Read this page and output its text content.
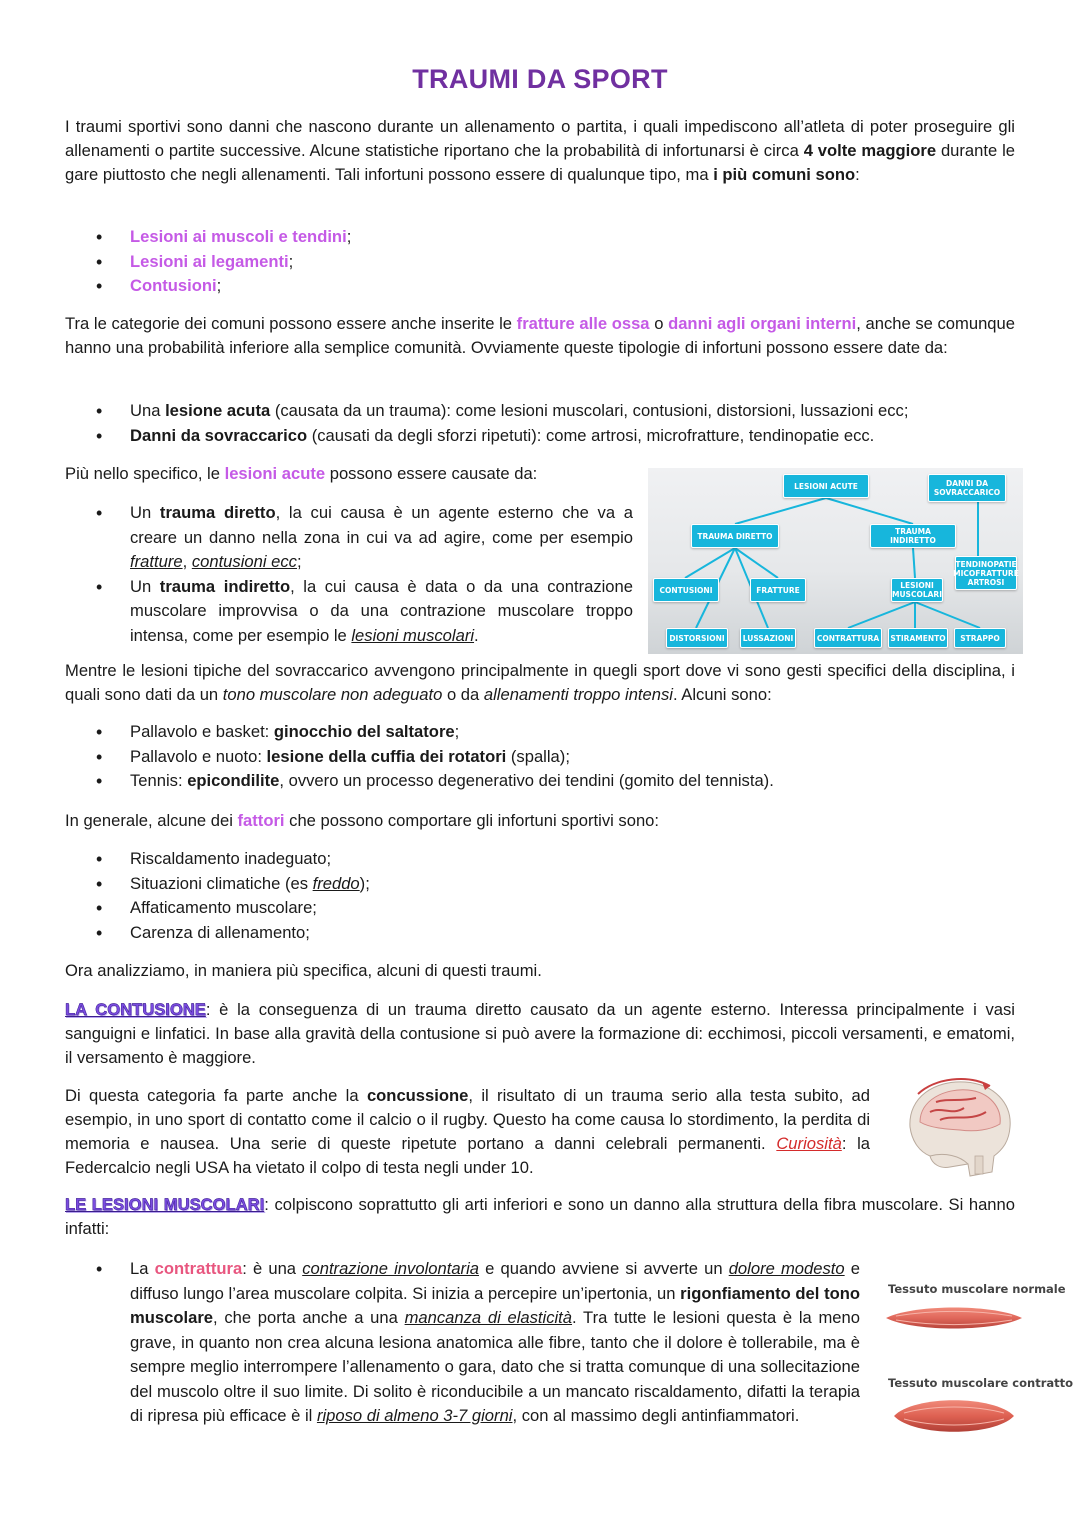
TRAUMI DA SPORT

I traumi sportivi sono danni che nascono durante un allenamento o partita, i quali impediscono all’atleta di poter proseguire gli allenamenti o partite successive. Alcune statistiche riportano che la probabilità di infortunarsi è circa 4 volte maggiore durante le gare piuttosto che negli allenamenti. Tali infortuni possono essere di qualunque tipo, ma i più comuni sono:

• Lesioni ai muscoli e tendini;
• Lesioni ai legamenti;
• Contusioni;

Tra le categorie dei comuni possono essere anche inserite le fratture alle ossa o danni agli organi interni, anche se comunque hanno una probabilità inferiore alla semplice comunità. Ovviamente queste tipologie di infortuni possono essere date da:

• Una lesione acuta (causata da un trauma): come lesioni muscolari, contusioni, distorsioni, lussazioni ecc;
• Danni da sovraccarico (causati da degli sforzi ripetuti): come artrosi, microfratture, tendinopatie ecc.

Più nello specifico, le lesioni acute possono essere causate da:

• Un trauma diretto, la cui causa è un agente esterno che va a creare un danno nella zona in cui va ad agire, come per esempio fratture, contusioni ecc;
• Un trauma indiretto, la cui causa è data o da una contrazione muscolare improvvisa o da una contrazione muscolare troppo intensa, come per esempio le lesioni muscolari.
LESIONI ACUTE	DANNI DA SOVRACCARICO
TRAUMA DIRETTO	TRAUMA INDIRETTO
TENDINOPATIE MICOFRATTURE ARTROSI
CONTUSIONI	FRATTURE	LESIONI MUSCOLARI
DISTORSIONI	LUSSAZIONI	CONTRATTURA	STIRAMENTO	STRAPPO

Mentre le lesioni tipiche del sovraccarico avvengono principalmente in quegli sport dove vi sono gesti specifici della disciplina, i quali sono dati da un tono muscolare non adeguato o da allenamenti troppo intensi. Alcuni sono:

• Pallavolo e basket: ginocchio del saltatore;
• Pallavolo e nuoto: lesione della cuffia dei rotatori (spalla);
• Tennis: epicondilite, ovvero un processo degenerativo dei tendini (gomito del tennista).

In generale, alcune dei fattori che possono comportare gli infortuni sportivi sono:

• Riscaldamento inadeguato;
• Situazioni climatiche (es freddo);
• Affaticamento muscolare;
• Carenza di allenamento;

Ora analizziamo, in maniera più specifica, alcuni di questi traumi.

LA CONTUSIONE: è la conseguenza di un trauma diretto causato da un agente esterno. Interessa principalmente i vasi sanguigni e linfatici. In base alla gravità della contusione si può avere la formazione di: ecchimosi, piccoli versamenti, e ematomi, il versamento è maggiore.

Di questa categoria fa parte anche la concussione, il risultato di un trauma serio alla testa subito, ad esempio, in uno sport di contatto come il calcio o il rugby. Questo ha come causa lo stordimento, la perdita di memoria e nausea. Una serie di queste ripetute portano a danni celebrali permanenti. Curiosità: la Federcalcio negli USA ha vietato il colpo di testa negli under 10.

LE LESIONI MUSCOLARI: colpiscono soprattutto gli arti inferiori e sono un danno alla struttura della fibra muscolare. Si hanno infatti:

• La contrattura: è una contrazione involontaria e quando avviene si avverte un dolore modesto e diffuso lungo l’area muscolare colpita. Si inizia a percepire un’ipertonia, un rigonfiamento del tono muscolare, che porta anche a una mancanza di elasticità. Tra tutte le lesioni questa è la meno grave, in quanto non crea alcuna lesiona anatomica alle fibre, tanto che il dolore è tollerabile, ma è sempre meglio interrompere l’allenamento o gara, dato che si tratta comunque di una sollecitazione del muscolo oltre il suo limite. Di solito è riconducibile a un mancato riscaldamento, difatti la terapia di ripresa più efficace è il riposo di almeno 3-7 giorni, con al massimo degli antinfiammatori.
Tessuto muscolare normale
Tessuto muscolare contratto
